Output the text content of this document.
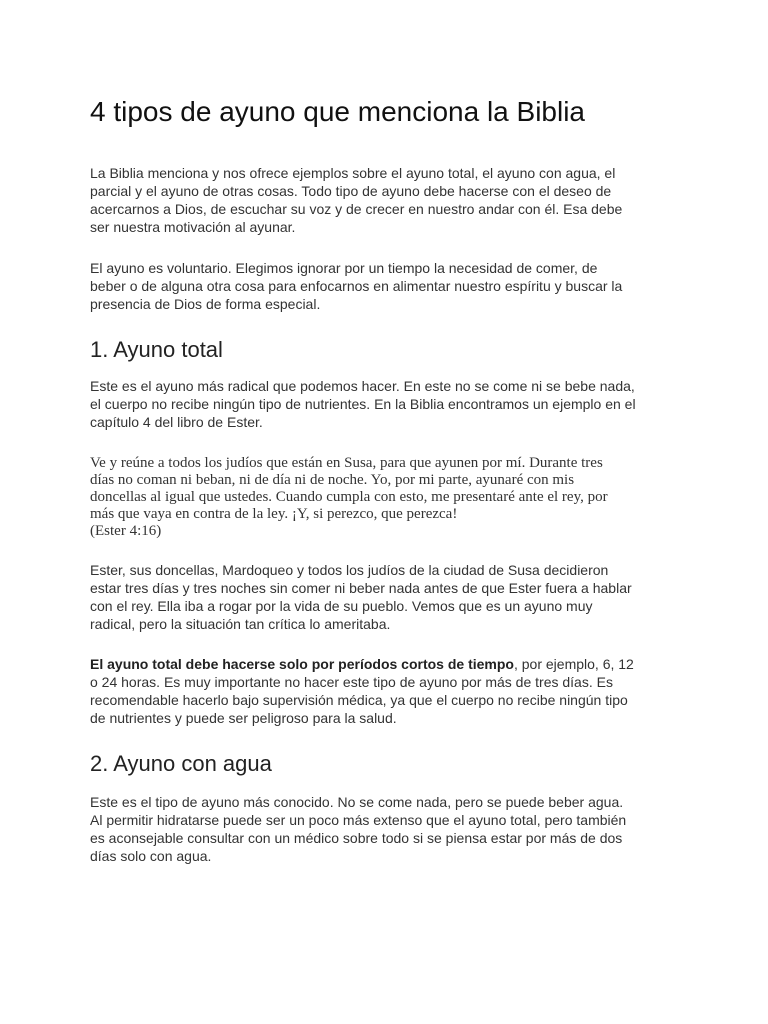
4 tipos de ayuno que menciona la Biblia

La Biblia menciona y nos ofrece ejemplos sobre el ayuno total, el ayuno con agua, el
parcial y el ayuno de otras cosas. Todo tipo de ayuno debe hacerse con el deseo de
acercarnos a Dios, de escuchar su voz y de crecer en nuestro andar con él. Esa debe
ser nuestra motivación al ayunar.

El ayuno es voluntario. Elegimos ignorar por un tiempo la necesidad de comer, de
beber o de alguna otra cosa para enfocarnos en alimentar nuestro espíritu y buscar la
presencia de Dios de forma especial.

1. Ayuno total

Este es el ayuno más radical que podemos hacer. En este no se come ni se bebe nada,
el cuerpo no recibe ningún tipo de nutrientes. En la Biblia encontramos un ejemplo en el
capítulo 4 del libro de Ester.

Ve y reúne a todos los judíos que están en Susa, para que ayunen por mí. Durante tres
días no coman ni beban, ni de día ni de noche. Yo, por mi parte, ayunaré con mis
doncellas al igual que ustedes. Cuando cumpla con esto, me presentaré ante el rey, por
más que vaya en contra de la ley. ¡Y, si perezco, que perezca!
(Ester 4:16)

Ester, sus doncellas, Mardoqueo y todos los judíos de la ciudad de Susa decidieron
estar tres días y tres noches sin comer ni beber nada antes de que Ester fuera a hablar
con el rey. Ella iba a rogar por la vida de su pueblo. Vemos que es un ayuno muy
radical, pero la situación tan crítica lo ameritaba.

El ayuno total debe hacerse solo por períodos cortos de tiempo, por ejemplo, 6, 12
o 24 horas. Es muy importante no hacer este tipo de ayuno por más de tres días. Es
recomendable hacerlo bajo supervisión médica, ya que el cuerpo no recibe ningún tipo
de nutrientes y puede ser peligroso para la salud.

2. Ayuno con agua

Este es el tipo de ayuno más conocido. No se come nada, pero se puede beber agua.
Al permitir hidratarse puede ser un poco más extenso que el ayuno total, pero también
es aconsejable consultar con un médico sobre todo si se piensa estar por más de dos
días solo con agua.
